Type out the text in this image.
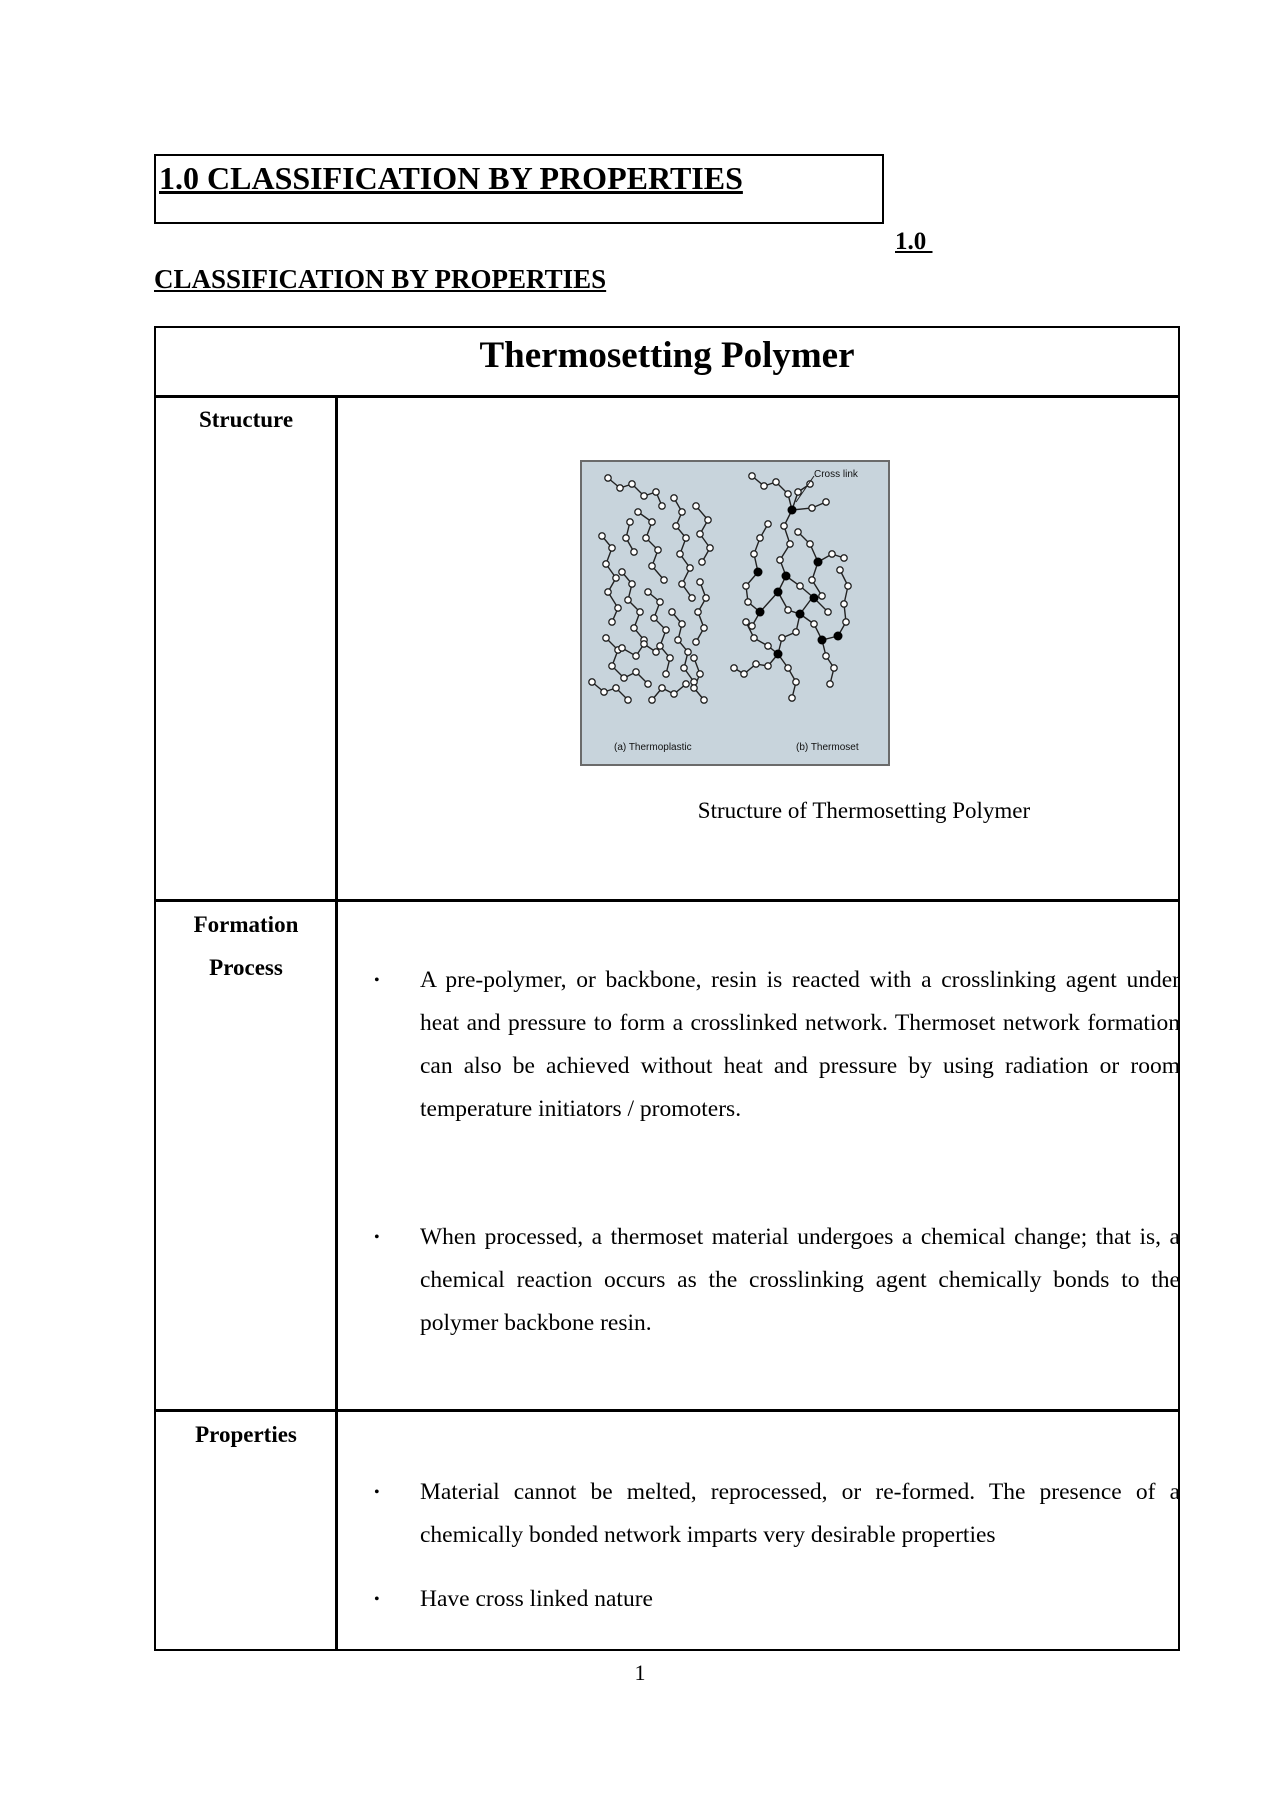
1.0 CLASSIFICATION BY PROPERTIES
1.0
CLASSIFICATION BY PROPERTIES
Thermosetting Polymer
Structure
Cross link
(a) Thermoplastic	(b) Thermoset
Structure of Thermosetting Polymer
Formation
Process
• A pre-polymer, or backbone, resin is reacted with a crosslinking agent under heat and pressure to form a crosslinked network. Thermoset network formation can also be achieved without heat and pressure by using radiation or room temperature initiators / promoters.
• When processed, a thermoset material undergoes a chemical change; that is, a chemical reaction occurs as the crosslinking agent chemically bonds to the polymer backbone resin.
Properties
• Material cannot be melted, reprocessed, or re-formed. The presence of a chemically bonded network imparts very desirable properties
• Have cross linked nature
1
